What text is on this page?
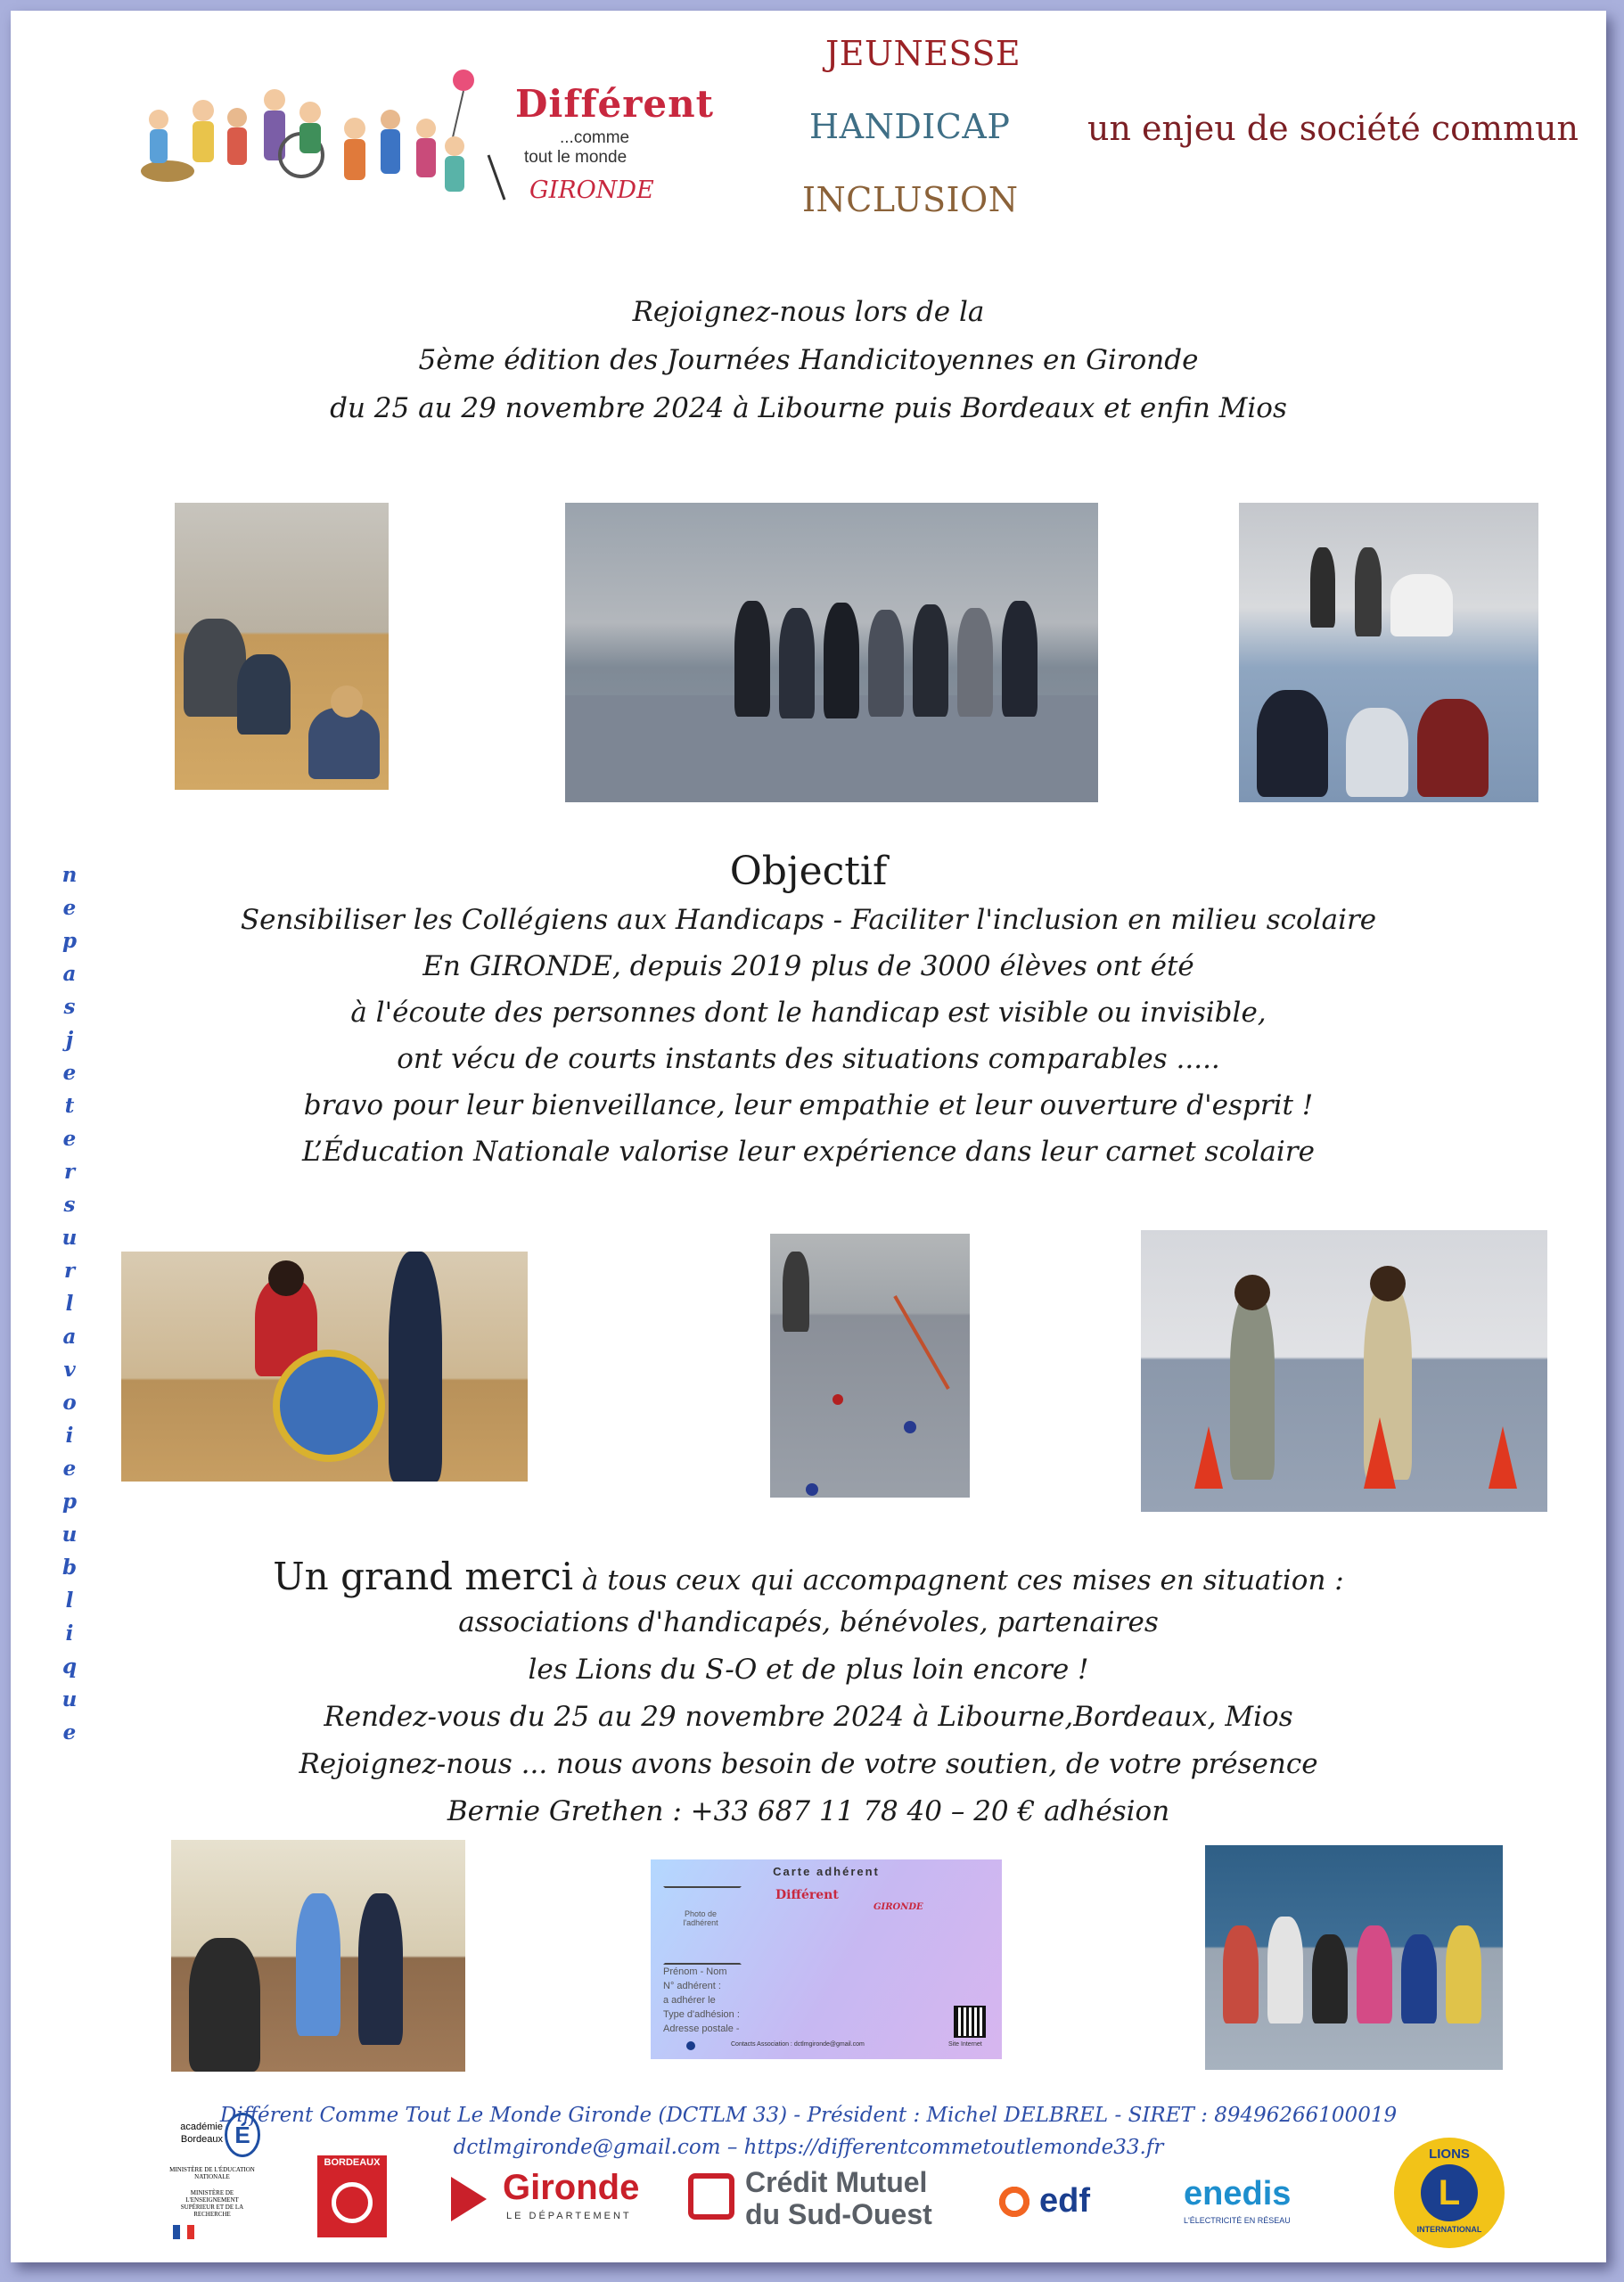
Différent
...comme
tout le monde
GIRONDE
JEUNESSE
HANDICAP
INCLUSION
un enjeu de société commun
Rejoignez-nous lors de la
5ème édition des Journées Handicitoyennes en Gironde
du 25 au 29 novembre 2024 à Libourne puis Bordeaux et enfin Mios
n
e
p
a
s
j
e
t
e
r
s
u
r
l
a
v
o
i
e
p
u
b
l
i
q
u
e
Objectif
Sensibiliser les Collégiens aux Handicaps - Faciliter l'inclusion en milieu scolaire
En GIRONDE, depuis 2019 plus de 3000 élèves ont été
à l'écoute des personnes dont le handicap est visible ou invisible,
ont vécu de courts instants des situations comparables .....
bravo pour leur bienveillance, leur empathie et leur ouverture d'esprit !
L’Éducation Nationale valorise leur expérience dans leur carnet scolaire
Un grand merci à tous ceux qui accompagnent ces mises en situation :
associations d'handicapés, bénévoles, partenaires
les Lions du S-O et de plus loin encore !
Rendez-vous du 25 au 29 novembre 2024 à Libourne,Bordeaux, Mios
Rejoignez-nous ... nous avons besoin de votre soutien, de votre présence
Bernie Grethen : +33 687 11 78 40 – 20 € adhésion
Carte adhérent
Photo de l'adhérent
Différent
GIRONDE
Prénom - Nom
N° adhérent :
a adhérer le
Type d'adhésion :
Adresse postale -
Contacts Association : dctlmgironde@gmail.com	Site Internet
Différent Comme Tout Le Monde Gironde (DCTLM 33) - Président : Michel DELBREL - SIRET : 89496266100019
dctlmgironde@gmail.com – https://differentcommetoutlemonde33.fr
académie
Bordeaux É
MINISTÈRE DE L'ÉDUCATION NATIONALE
MINISTÈRE DE L'ENSEIGNEMENT SUPÉRIEUR ET DE LA RECHERCHE
BORDEAUX
Gironde
LE DÉPARTEMENT
Crédit Mutuel
du Sud-Ouest	edf	enedis
L'ÉLECTRICITÉ EN RÉSEAU
LIONS
L
INTERNATIONAL
